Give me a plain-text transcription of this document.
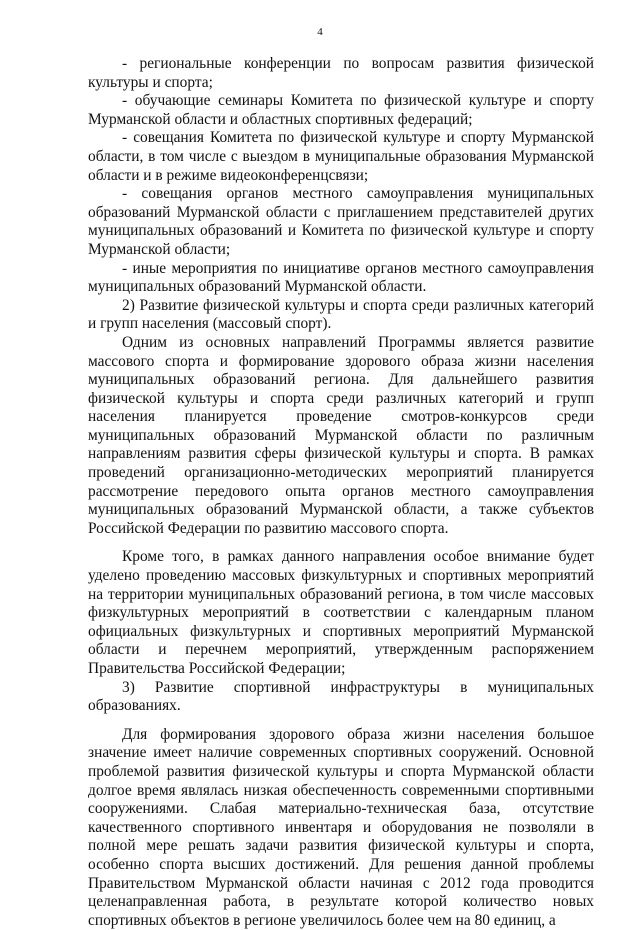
4

- региональные конференции по вопросам развития физической культуры и спорта;

- обучающие семинары Комитета по физической культуре и спорту Мурманской области и областных спортивных федераций;

- совещания Комитета по физической культуре и спорту Мурманской области, в том числе с выездом в муниципальные образования Мурманской области и в режиме видеоконференцсвязи;

- совещания органов местного самоуправления муниципальных образований Мурманской области с приглашением представителей других муниципальных образований и Комитета по физической культуре и спорту Мурманской области;

- иные мероприятия по инициативе органов местного самоуправления муниципальных образований Мурманской области.

2) Развитие физической культуры и спорта среди различных категорий и групп населения (массовый спорт).

Одним из основных направлений Программы является развитие массового спорта и формирование здорового образа жизни населения муниципальных образований региона. Для дальнейшего развития физической культуры и спорта среди различных категорий и групп населения планируется проведение смотров-конкурсов среди муниципальных образований Мурманской области по различным направлениям развития сферы физической культуры и спорта. В рамках проведений организационно-методических мероприятий планируется рассмотрение передового опыта органов местного самоуправления муниципальных образований Мурманской области, а также субъектов Российской Федерации по развитию массового спорта.

Кроме того, в рамках данного направления особое внимание будет уделено проведению массовых физкультурных и спортивных мероприятий на территории муниципальных образований региона, в том числе массовых физкультурных мероприятий в соответствии с календарным планом официальных физкультурных и спортивных мероприятий Мурманской области и перечнем мероприятий, утвержденным распоряжением Правительства Российской Федерации;

3) Развитие спортивной инфраструктуры в муниципальных образованиях.

Для формирования здорового образа жизни населения большое значение имеет наличие современных спортивных сооружений. Основной проблемой развития физической культуры и спорта Мурманской области долгое время являлась низкая обеспеченность современными спортивными сооружениями. Слабая материально-техническая база, отсутствие качественного спортивного инвентаря и оборудования не позволяли в полной мере решать задачи развития физической культуры и спорта, особенно спорта высших достижений. Для решения данной проблемы Правительством Мурманской области начиная с 2012 года проводится целенаправленная работа, в результате которой количество новых спортивных объектов в регионе увеличилось более чем на 80 единиц, а
